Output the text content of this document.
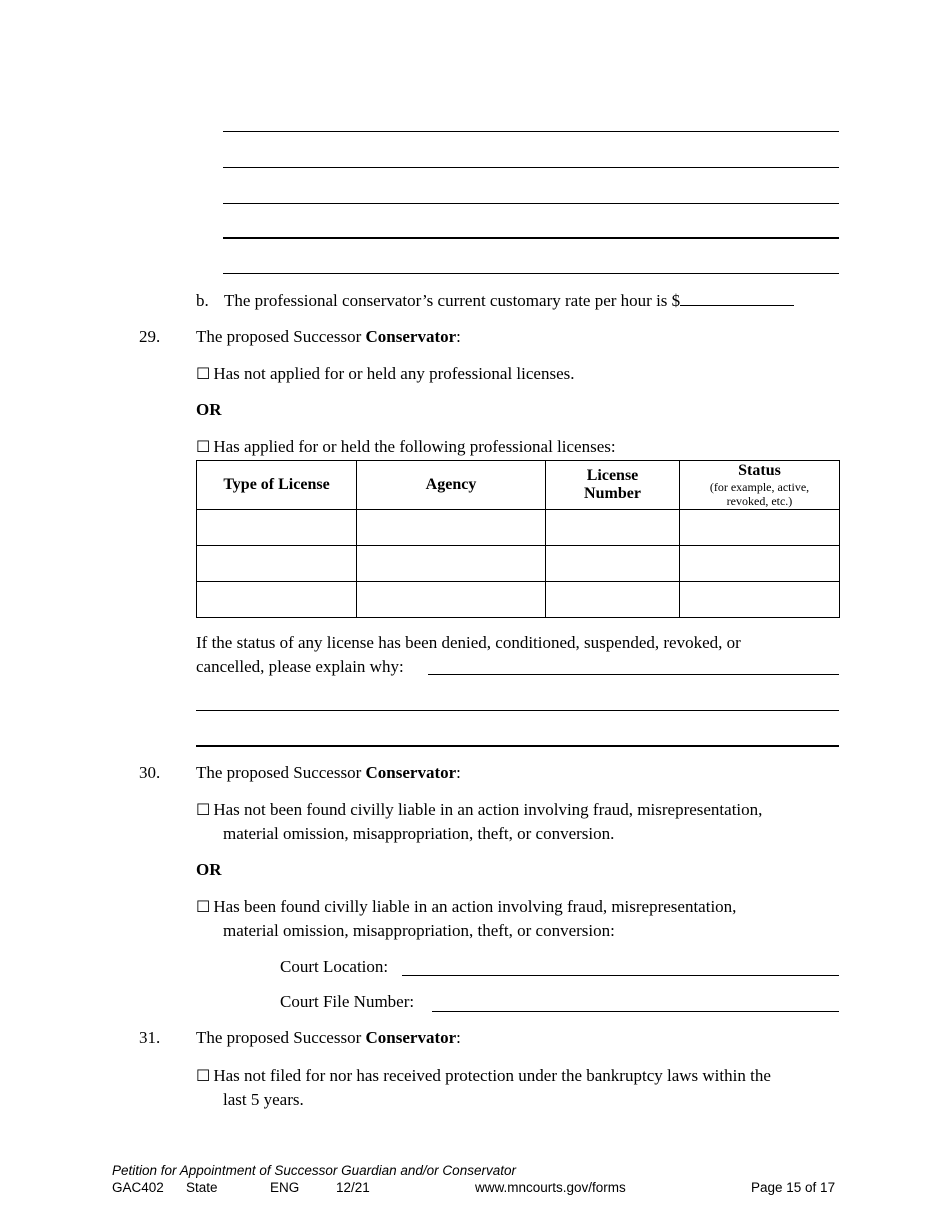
b. The professional conservator’s current customary rate per hour is $
29. The proposed Successor Conservator:
☐ Has not applied for or held any professional licenses.
OR
☐ Has applied for or held the following professional licenses:
Type of License	Agency	License Number	Status
(for example, active, revoked, etc.)

If the status of any license has been denied, conditioned, suspended, revoked, or
cancelled, please explain why:
30. The proposed Successor Conservator:
☐ Has not been found civilly liable in an action involving fraud, misrepresentation,
material omission, misappropriation, theft, or conversion.
OR
☐ Has been found civilly liable in an action involving fraud, misrepresentation,
material omission, misappropriation, theft, or conversion:
Court Location:
Court File Number:
31. The proposed Successor Conservator:
☐ Has not filed for nor has received protection under the bankruptcy laws within the
last 5 years.
Petition for Appointment of Successor Guardian and/or Conservator
GAC402 State	ENG	12/21	www.mncourts.gov/forms	Page 15 of 17
